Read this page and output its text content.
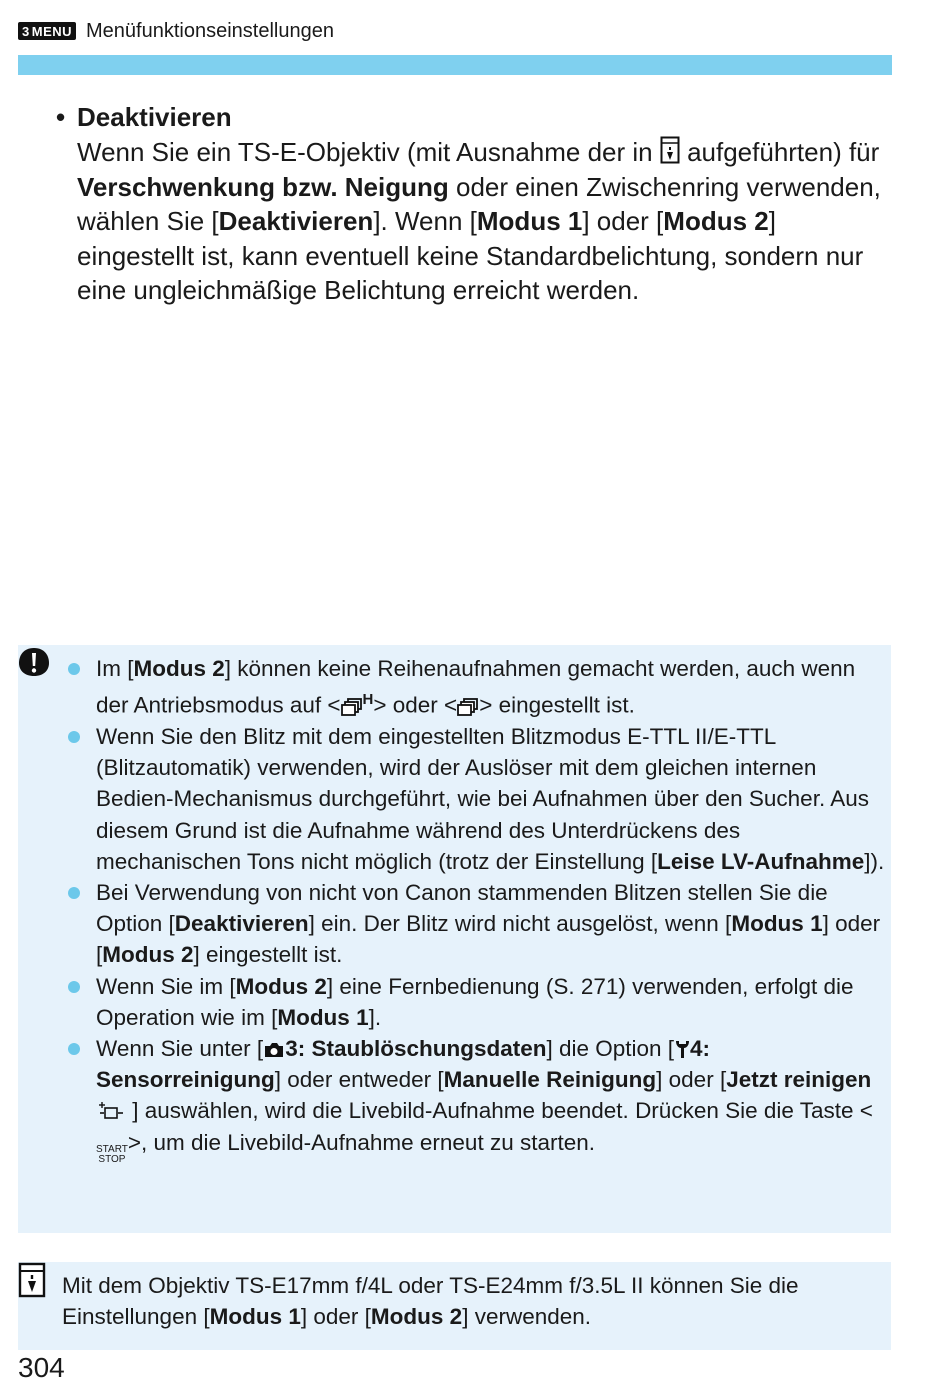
3 MENU Menüfunktionseinstellungen
• Deaktivieren
Wenn Sie ein TS-E-Objektiv (mit Ausnahme der in  aufgeführten) für Verschwenkung bzw. Neigung oder einen Zwischenring verwenden, wählen Sie [Deaktivieren]. Wenn [Modus 1] oder [Modus 2] eingestellt ist, kann eventuell keine Standardbelichtung, sondern nur eine ungleichmäßige Belichtung erreicht werden.
Im [Modus 2] können keine Reihenaufnahmen gemacht werden, auch wenn der Antriebsmodus auf < $^H$> oder < > eingestellt ist.
Wenn Sie den Blitz mit dem eingestellten Blitzmodus E-TTL II/E-TTL (Blitzautomatik) verwenden, wird der Auslöser mit dem gleichen internen Bedien-Mechanismus durchgeführt, wie bei Aufnahmen über den Sucher. Aus diesem Grund ist die Aufnahme während des Unterdrückens des mechanischen Tons nicht möglich (trotz der Einstellung [Leise LV-Aufnahme]).
Bei Verwendung von nicht von Canon stammenden Blitzen stellen Sie die Option [Deaktivieren] ein. Der Blitz wird nicht ausgelöst, wenn [Modus 1] oder [Modus 2] eingestellt ist.
Wenn Sie im [Modus 2] eine Fernbedienung (S. 271) verwenden, erfolgt die Operation wie im [Modus 1].
Wenn Sie unter [ 3: Staublöschungsdaten] die Option [ 4: Sensorreinigung] oder entweder [Manuelle Reinigung] oder [Jetzt reinigen ] auswählen, wird die Livebild-Aufnahme beendet. Drücken Sie die Taste <
START
STOP
>, um die Livebild-Aufnahme erneut zu starten.
Mit dem Objektiv TS-E17mm f/4L oder TS-E24mm f/3.5L II können Sie die Einstellungen [Modus 1] oder [Modus 2] verwenden.
304
